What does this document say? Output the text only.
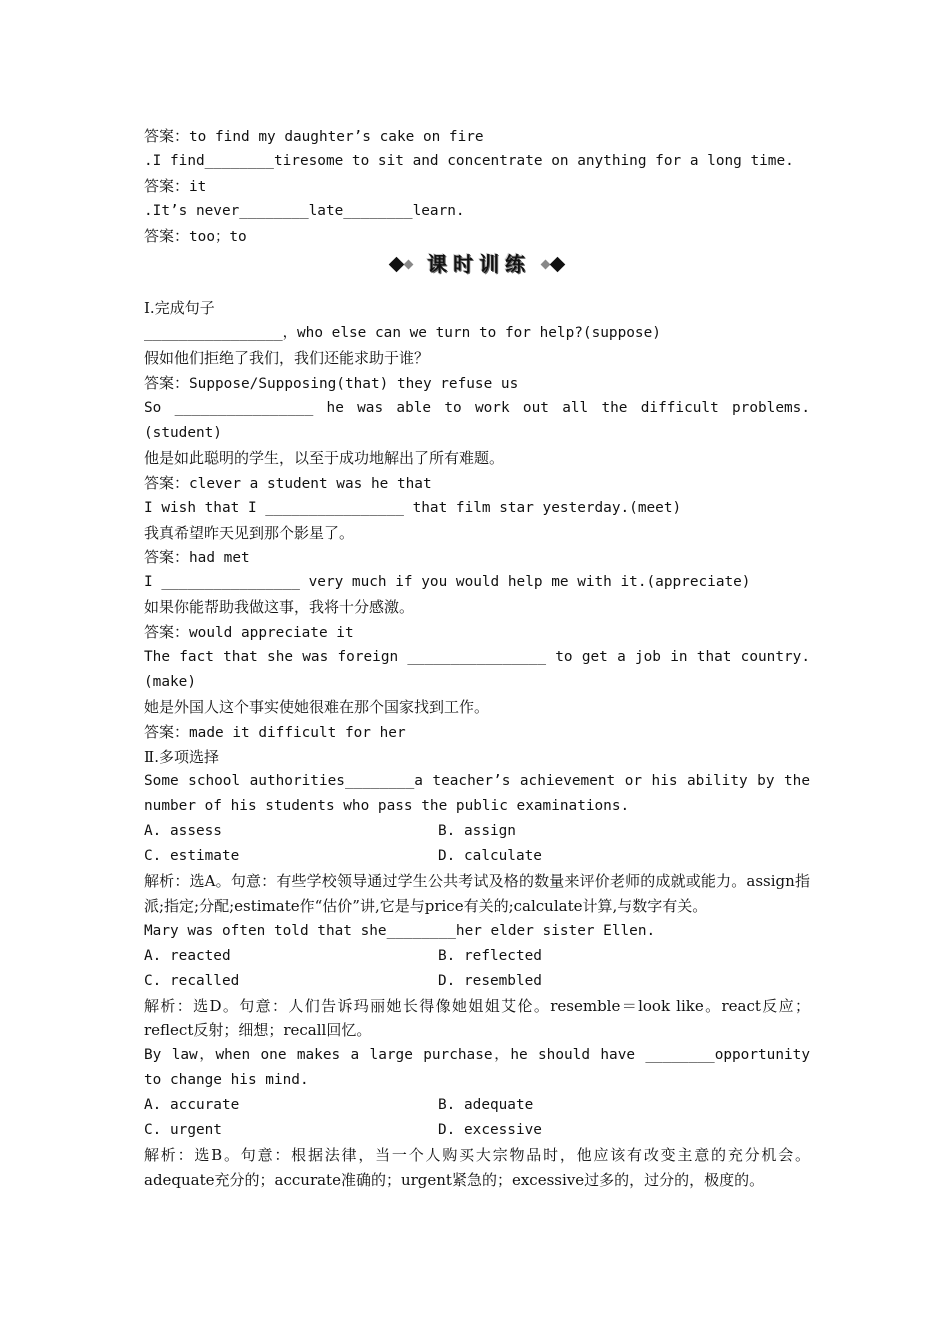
答案：to find my daughter’s cake on fire
.I find________tiresome to sit and concentrate on anything for a long time.
答案：it
.It’s never________late________learn.
答案：too；to
课时训练
Ⅰ.完成句子
________________，who else can we turn to for help?(suppose)
假如他们拒绝了我们，我们还能求助于谁？
答案：Suppose/Supposing(that) they refuse us
So ________________ he was able to work out all the difficult problems.(student)
他是如此聪明的学生，以至于成功地解出了所有难题。
答案：clever a student was he that
I wish that I ________________ that film star yesterday.(meet)
我真希望昨天见到那个影星了。
答案：had met
I ________________ very much if you would help me with it.(appreciate)
如果你能帮助我做这事，我将十分感激。
答案：would appreciate it
The fact that she was foreign ________________ to get a job in that country.(make)
她是外国人这个事实使她很难在那个国家找到工作。
答案：made it difficult for her
Ⅱ.多项选择
Some school authorities________a teacher’s achievement or his ability by the number of his students who pass the public examinations.
A. assess	B. assign
C. estimate	D. calculate
解析：选A。句意：有些学校领导通过学生公共考试及格的数量来评价老师的成就或能力。assign指派;指定;分配;estimate作“估价”讲,它是与price有关的;calculate计算,与数字有关。
Mary was often told that she________her elder sister Ellen.
A. reacted	B. reflected
C. recalled	D. resembled
解析：选D。句意：人们告诉玛丽她长得像她姐姐艾伦。resemble＝look like。react反应；reflect反射；细想；recall回忆。
By law，when one makes a large purchase，he should have ________opportunity to change his mind.
A. accurate	B. adequate
C. urgent	D. excessive
解析：选B。句意：根据法律，当一个人购买大宗物品时，他应该有改变主意的充分机会。adequate充分的；accurate准确的；urgent紧急的；excessive过多的，过分的，极度的。
